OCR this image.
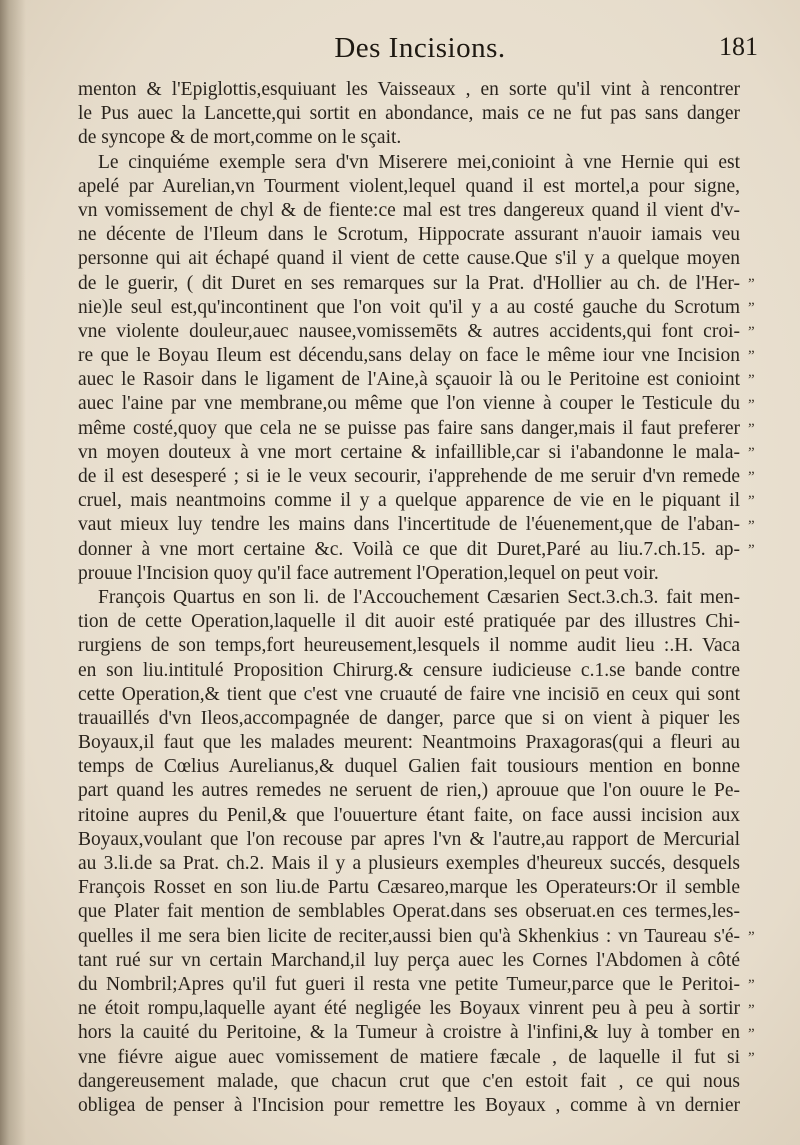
Des Incisions.	181
menton & l'Epiglottis,esquiuant les Vaisseaux , en sorte qu'il vint à rencontrer
le Pus auec la Lancette,qui sortit en abondance, mais ce ne fut pas sans danger
de syncope & de mort,comme on le sçait.
Le cinquiéme exemple sera d'vn Miserere mei,conioint à vne Hernie qui est
apelé par Aurelian,vn Tourment violent,lequel quand il est mortel,a pour signe,
vn vomissement de chyl & de fiente:ce mal est tres dangereux quand il vient d'v-
ne décente de l'Ileum dans le Scrotum, Hippocrate assurant n'auoir iamais veu
personne qui ait échapé quand il vient de cette cause.Que s'il y a quelque moyen
de le guerir, ( dit Duret en ses remarques sur la Prat. d'Hollier au ch. de l'Her-
nie)le seul est,qu'incontinent que l'on voit qu'il y a au costé gauche du Scrotum
vne violente douleur,auec nausee,vomissemēts & autres accidents,qui font croi-
re que le Boyau Ileum est décendu,sans delay on face le même iour vne Incision
auec le Rasoir dans le ligament de l'Aine,à sçauoir là ou le Peritoine est conioint
auec l'aine par vne membrane,ou même que l'on vienne à couper le Testicule du
même costé,quoy que cela ne se puisse pas faire sans danger,mais il faut preferer
vn moyen douteux à vne mort certaine & infaillible,car si i'abandonne le mala-
de il est desesperé ; si ie le veux secourir, i'apprehende de me seruir d'vn remede
cruel, mais neantmoins comme il y a quelque apparence de vie en le piquant il
vaut mieux luy tendre les mains dans l'incertitude de l'éuenement,que de l'aban-
donner à vne mort certaine &c. Voilà ce que dit Duret,Paré au liu.7.ch.15. ap-
prouue l'Incision quoy qu'il face autrement l'Operation,lequel on peut voir.
François Quartus en son li. de l'Accouchement Cæsarien Sect.3.ch.3. fait men-
tion de cette Operation,laquelle il dit auoir esté pratiquée par des illustres Chi-
rurgiens de son temps,fort heureusement,lesquels il nomme audit lieu :.H. Vaca
en son liu.intitulé Proposition Chirurg.& censure iudicieuse c.1.se bande contre
cette Operation,& tient que c'est vne cruauté de faire vne incisiō en ceux qui sont
trauaillés d'vn Ileos,accompagnée de danger, parce que si on vient à piquer les
Boyaux,il faut que les malades meurent: Neantmoins Praxagoras(qui a fleuri au
temps de Cœlius Aurelianus,& duquel Galien fait tousiours mention en bonne
part quand les autres remedes ne seruent de rien,) aprouue que l'on ouure le Pe-
ritoine aupres du Penil,& que l'ouuerture étant faite, on face aussi incision aux
Boyaux,voulant que l'on recouse par apres l'vn & l'autre,au rapport de Mercurial
au 3.li.de sa Prat. ch.2. Mais il y a plusieurs exemples d'heureux succés, desquels
François Rosset en son liu.de Partu Cæsareo,marque les Operateurs:Or il semble
que Plater fait mention de semblables Operat.dans ses obseruat.en ces termes,les-
quelles il me sera bien licite de reciter,aussi bien qu'à Skhenkius : vn Taureau s'é-
tant rué sur vn certain Marchand,il luy perça auec les Cornes l'Abdomen à côté
du Nombril;Apres qu'il fut gueri il resta vne petite Tumeur,parce que le Peritoi-
ne étoit rompu,laquelle ayant été negligée les Boyaux vinrent peu à peu à sortir
hors la cauité du Peritoine, & la Tumeur à croistre à l'infini,& luy à tomber en
vne fiévre aigue auec vomissement de matiere fæcale , de laquelle il fut si
dangereusement malade, que chacun crut que c'en estoit fait , ce qui nous
obligea de penser à l'Incision pour remettre les Boyaux , comme à vn dernier
”
”
”
”
”
”
”
”
”
”
”
”
”
”
”
”
”
